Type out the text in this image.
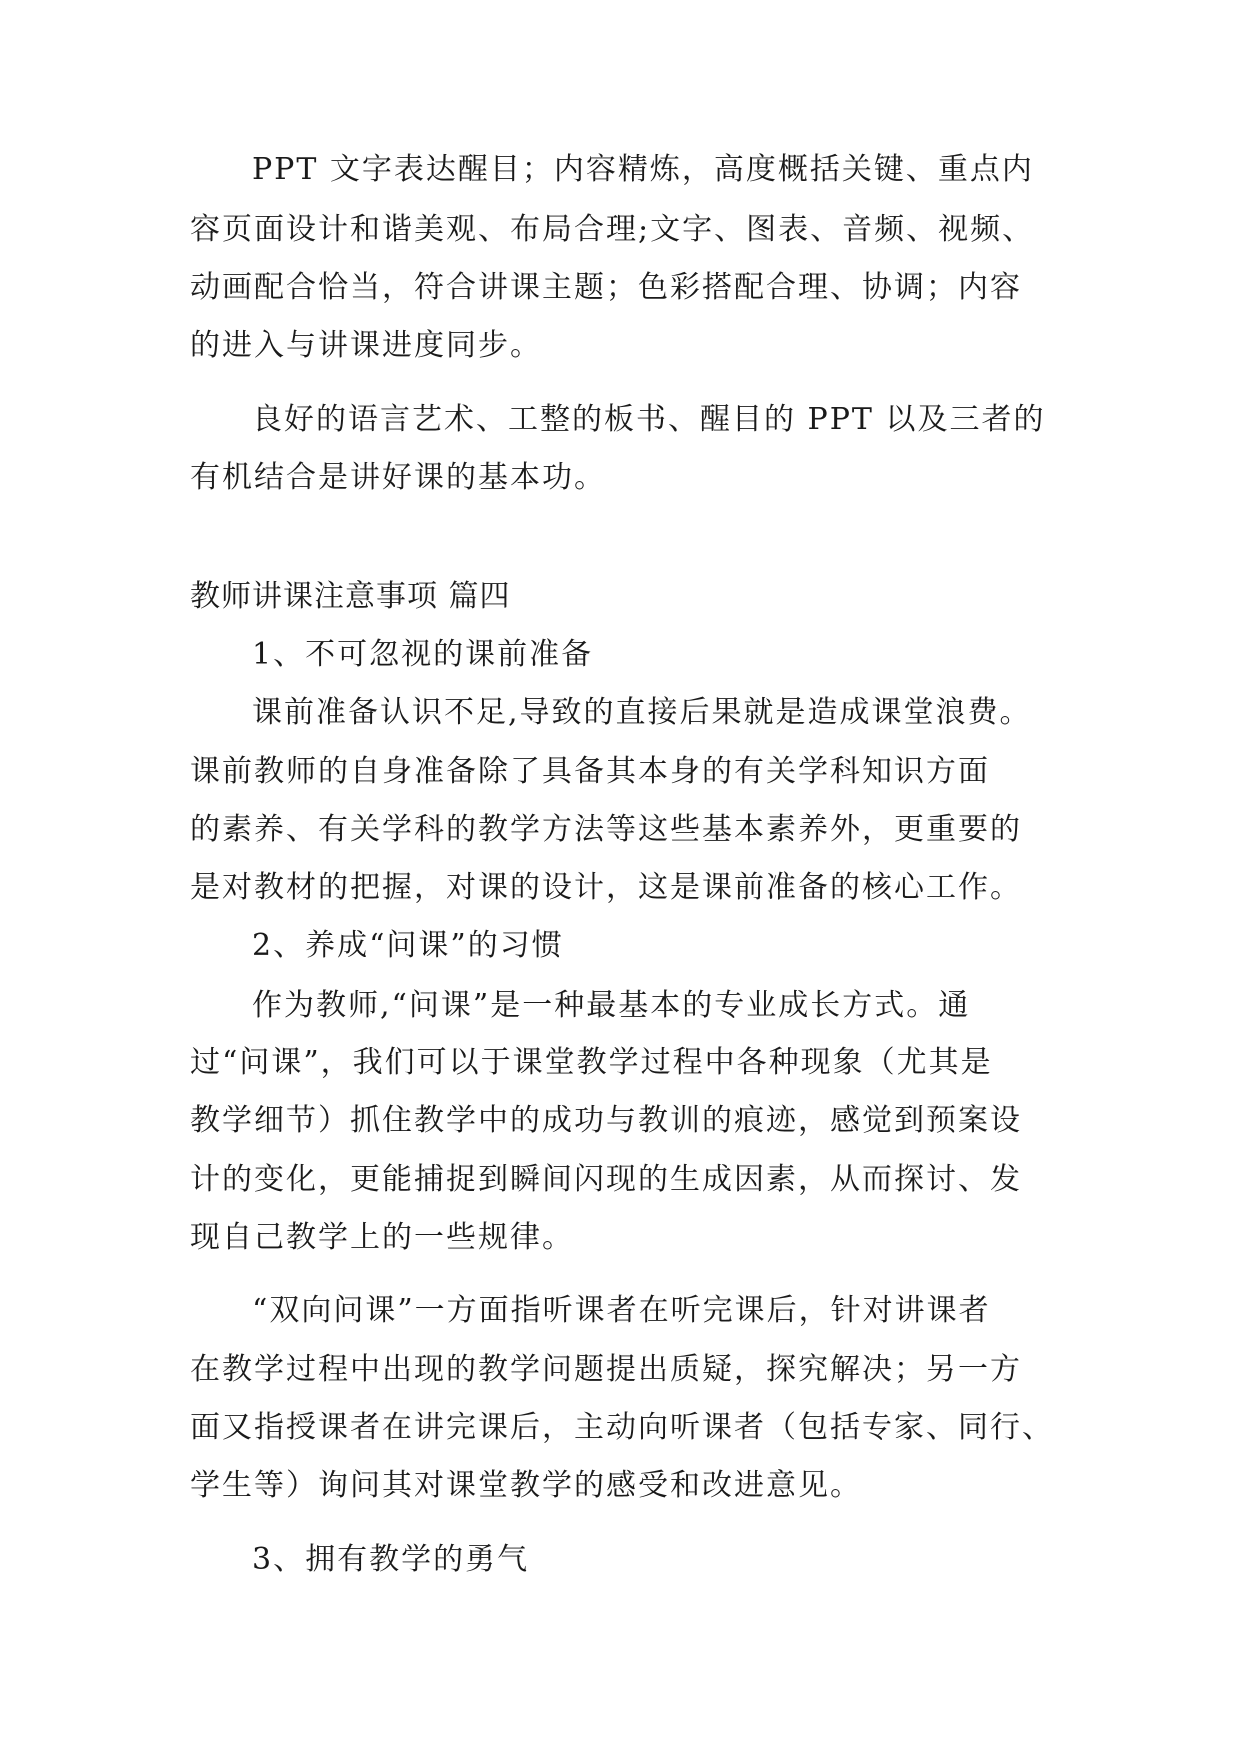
PPT 文字表达醒目；内容精炼，高度概括关键、重点内
容页面设计和谐美观、布局合理;文字、图表、音频、视频、
动画配合恰当，符合讲课主题；色彩搭配合理、协调；内容
的进入与讲课进度同步。
良好的语言艺术、工整的板书、醒目的 PPT 以及三者的
有机结合是讲好课的基本功。
教师讲课注意事项 篇四
1、不可忽视的课前准备
课前准备认识不足,导致的直接后果就是造成课堂浪费。
课前教师的自身准备除了具备其本身的有关学科知识方面
的素养、有关学科的教学方法等这些基本素养外，更重要的
是对教材的把握，对课的设计，这是课前准备的核心工作。
2、养成“问课”的习惯
作为教师,“问课”是一种最基本的专业成长方式。通
过“问课”，我们可以于课堂教学过程中各种现象（尤其是
教学细节）抓住教学中的成功与教训的痕迹，感觉到预案设
计的变化，更能捕捉到瞬间闪现的生成因素，从而探讨、发
现自己教学上的一些规律。
“双向问课”一方面指听课者在听完课后，针对讲课者
在教学过程中出现的教学问题提出质疑，探究解决；另一方
面又指授课者在讲完课后，主动向听课者（包括专家、同行、
学生等）询问其对课堂教学的感受和改进意见。
3、拥有教学的勇气
